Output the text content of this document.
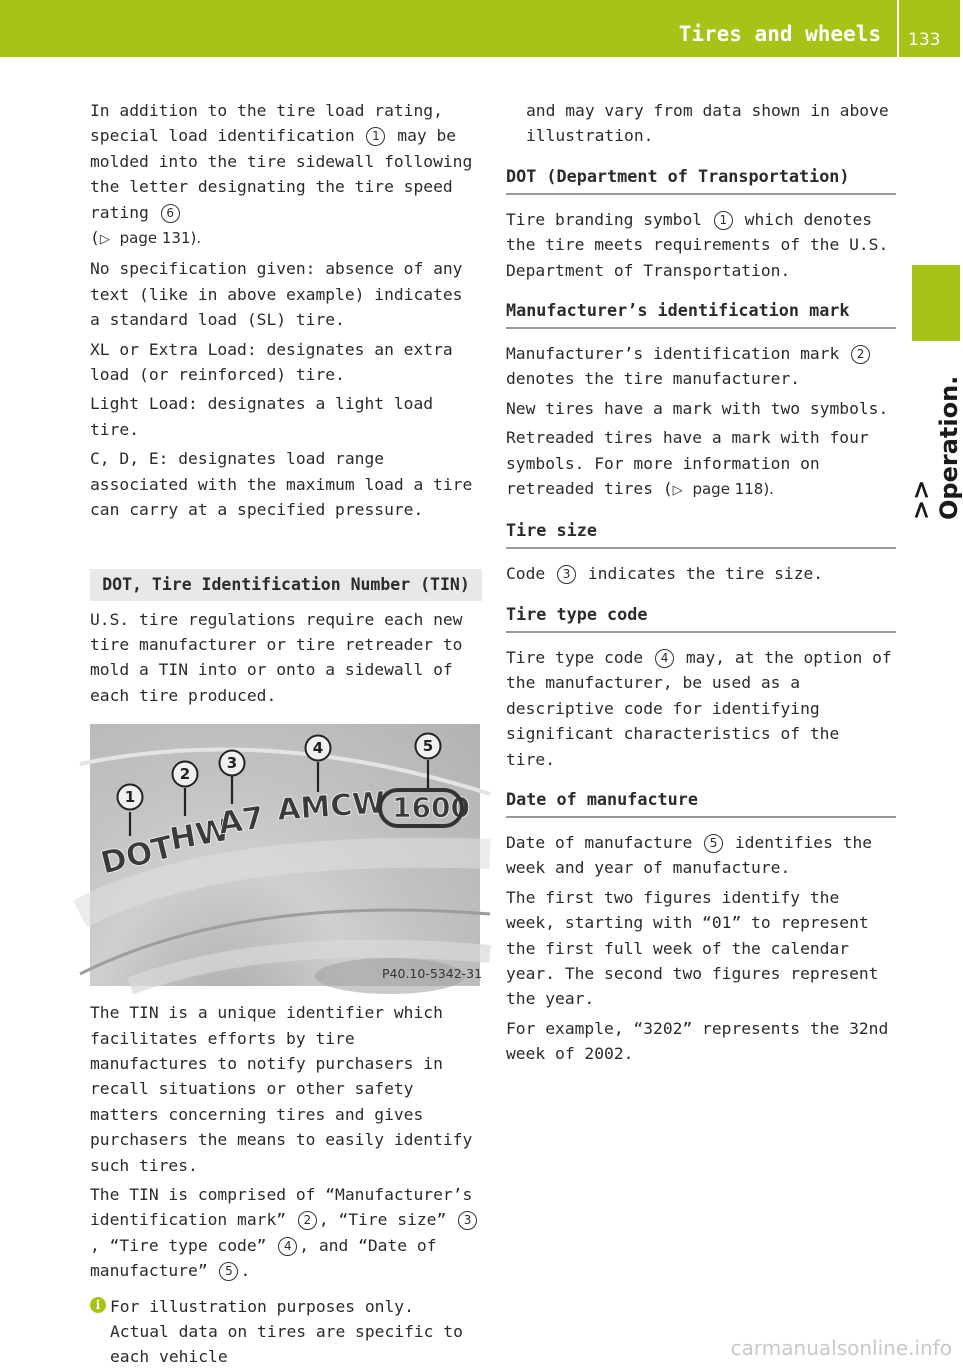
Tires and wheels 133
>> Operation.

In addition to the tire load rating, special load identification 1 may be molded into the tire sidewall following the letter designating the tire speed rating 6
(▷ page 131).

No specification given: absence of any text (like in above example) indicates a standard load (SL) tire.

XL or Extra Load: designates an extra load (or reinforced) tire.

Light Load: designates a light load tire.

C, D, E: designates load range associated with the maximum load a tire can carry at a specified pressure.

DOT, Tire Identification Number (TIN)

U.S. tire regulations require each new tire manufacturer or tire retreader to mold a TIN into or onto a sidewall of each tire produced.

1
2
3
4	5
DOT
HW
A7 AMCW 1600
P40.10-5342-31

The TIN is a unique identifier which facilitates efforts by tire manufactures to notify purchasers in recall situations or other safety matters concerning tires and gives purchasers the means to easily identify such tires.

The TIN is comprised of “Manufacturer’s identification mark” 2 , “Tire size” 3, “Tire type code” 4 , and “Date of manufacture” 5 .

i For illustration purposes only. Actual data on tires are specific to each vehicle

and may vary from data shown in above illustration.

DOT (Department of Transportation)

Tire branding symbol 1 which denotes the tire meets requirements of the U.S. Department of Transportation.

Manufacturer’s identification mark

Manufacturer’s identification mark 2 denotes the tire manufacturer.

New tires have a mark with two symbols.

Retreaded tires have a mark with four symbols. For more information on retreaded tires (▷ page 118).

Tire size

Code 3 indicates the tire size.

Tire type code

Tire type code 4 may, at the option of the manufacturer, be used as a descriptive code for identifying significant characteristics of the tire.

Date of manufacture

Date of manufacture 5 identifies the week and year of manufacture.

The first two figures identify the week, starting with “01” to represent the first full week of the calendar year. The second two figures represent the year.

For example, “3202” represents the 32nd week of 2002.

carmanualsonline.info
